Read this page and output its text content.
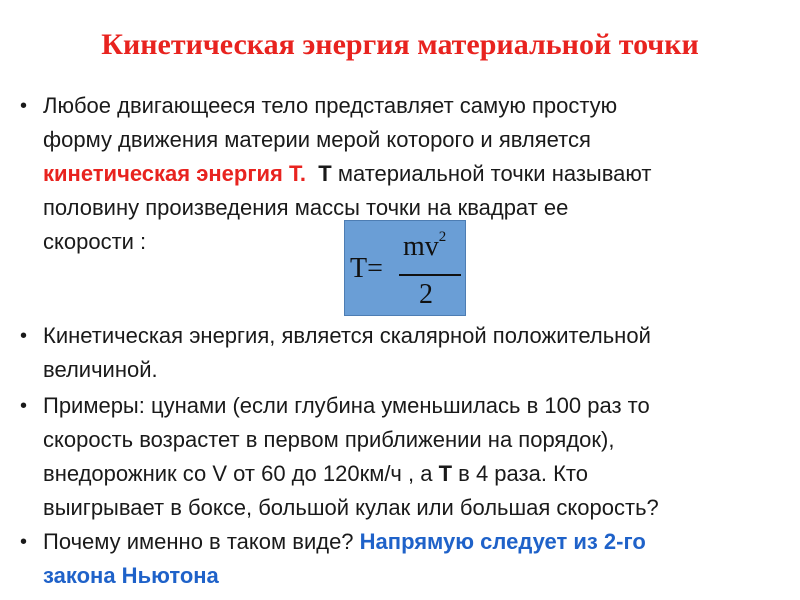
Кинетическая энергия материальной точки
• Любое двигающееся тело представляет самую простую

форму движения материи мерой которого и является

кинетическая энергия Т. Т материальной точки называют

половину произведения массы точки на квадрат ее

скорости :

T=
$mv^2$
2
• Кинетическая энергия, является скалярной положительной

величиной.

• Примеры: цунами (если глубина уменьшилась в 100 раз то

скорость возрастет в первом приближении на порядок),

внедорожник со V от 60 до 120км/ч , а Т в 4 раза. Кто

выигрывает в боксе, большой кулак или большая скорость?

• Почему именно в таком виде? Напрямую следует из 2-го

закона Ньютона
